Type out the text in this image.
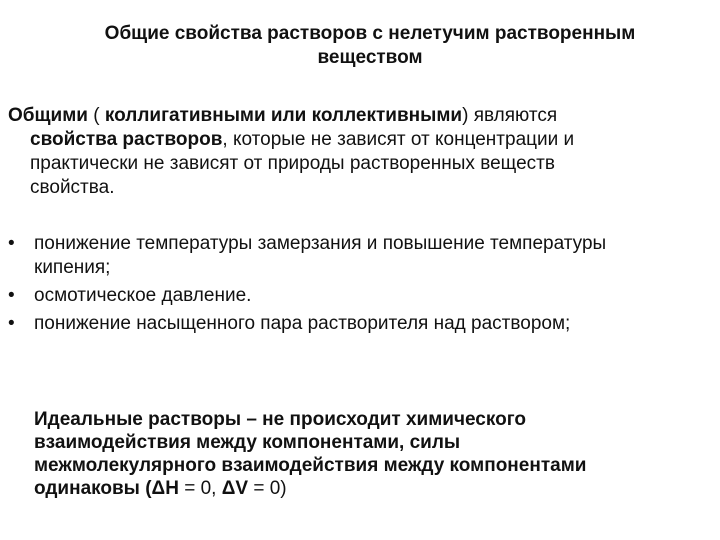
Общие свойства растворов с нелетучим растворенным
веществом
Общими ( коллигативными или коллективными) являются
свойства растворов, которые не зависят от концентрации и
практически не зависят от природы растворенных веществ
свойства.
• понижение температуры замерзания и повышение температуры
кипения;
• осмотическое давление.
• понижение насыщенного пара растворителя над раствором;
Идеальные растворы – не происходит химического
взаимодействия между компонентами, силы
межмолекулярного взаимодействия между компонентами
одинаковы (ΔH = 0, ΔV = 0)
